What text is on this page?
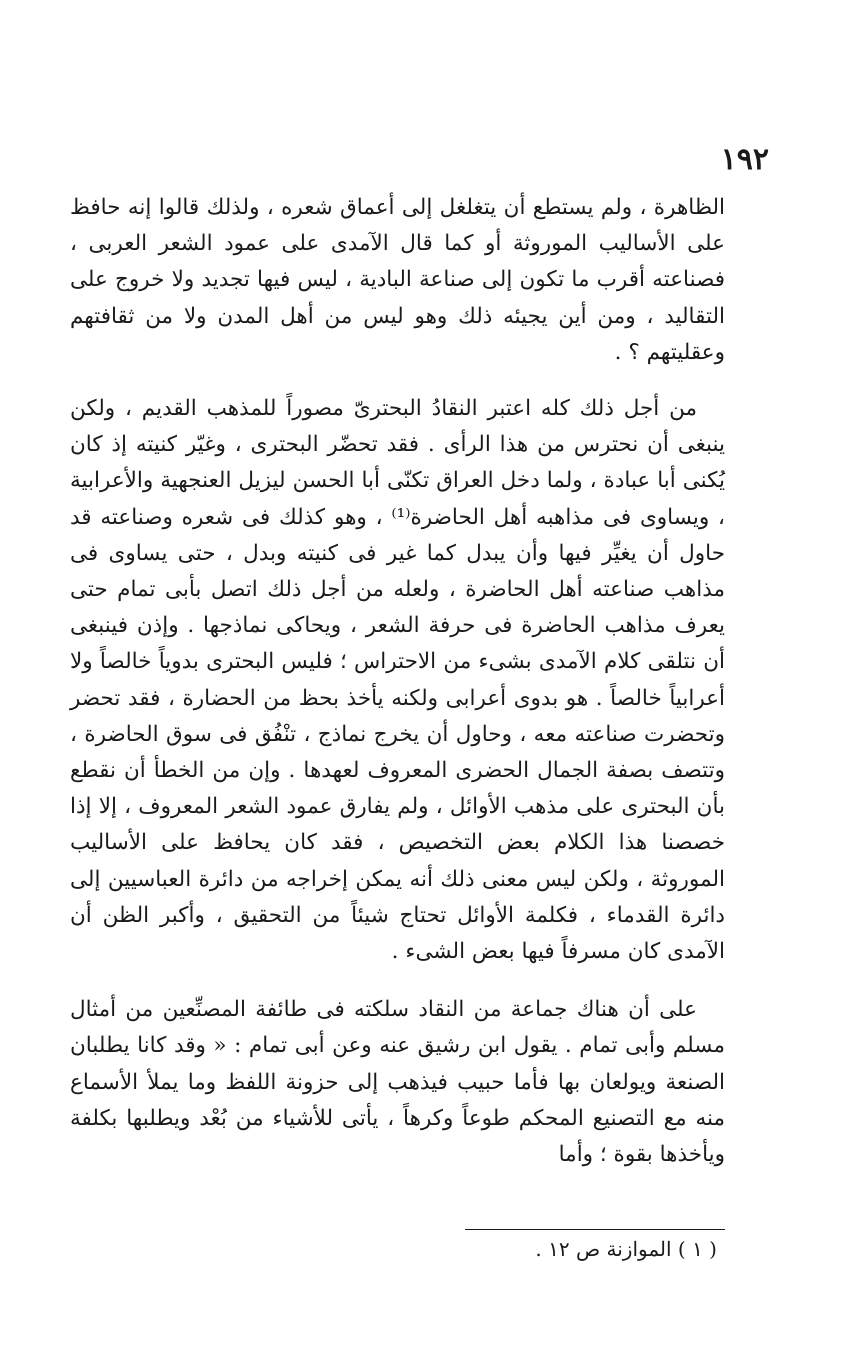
١٩٢

الظاهرة ، ولم يستطع أن يتغلغل إلى أعماق شعره ، ولذلك قالوا إنه حافظ على الأساليب الموروثة أو كما قال الآمدى على عمود الشعر العربى ، فصناعته أقرب ما تكون إلى صناعة البادية ، ليس فيها تجديد ولا خروج على التقاليد ، ومن أين يجيئه ذلك وهو ليس من أهل المدن ولا من ثقافتهم وعقليتهم ؟ .

من أجل ذلك كله اعتبر النقادُ البحترىّ مصوراً للمذهب القديم ، ولكن ينبغى أن نحترس من هذا الرأى . فقد تحضّر البحترى ، وغيّر كنيته إذ كان يُكنى أبا عبادة ، ولما دخل العراق تكنّى أبا الحسن ليزيل العنجهية والأعرابية ، ويساوى فى مذاهبه أهل الحاضرة⁽¹⁾ ، وهو كذلك فى شعره وصناعته قد حاول أن يغيِّر فيها وأن يبدل كما غير فى كنيته وبدل ، حتى يساوى فى مذاهب صناعته أهل الحاضرة ، ولعله من أجل ذلك اتصل بأبى تمام حتى يعرف مذاهب الحاضرة فى حرفة الشعر ، ويحاكى نماذجها . وإذن فينبغى أن نتلقى كلام الآمدى بشىء من الاحتراس ؛ فليس البحترى بدوياً خالصاً ولا أعرابياً خالصاً . هو بدوى أعرابى ولكنه يأخذ بحظ من الحضارة ، فقد تحضر وتحضرت صناعته معه ، وحاول أن يخرج نماذج ، تنْفُق فى سوق الحاضرة ، وتتصف بصفة الجمال الحضرى المعروف لعهدها . وإن من الخطأ أن نقطع بأن البحترى على مذهب الأوائل ، ولم يفارق عمود الشعر المعروف ، إلا إذا خصصنا هذا الكلام بعض التخصيص ، فقد كان يحافظ على الأساليب الموروثة ، ولكن ليس معنى ذلك أنه يمكن إخراجه من دائرة العباسيين إلى دائرة القدماء ، فكلمة الأوائل تحتاج شيئاً من التحقيق ، وأكبر الظن أن الآمدى كان مسرفاً فيها بعض الشىء .

على أن هناك جماعة من النقاد سلكته فى طائفة المصنِّعين من أمثال مسلم وأبى تمام . يقول ابن رشيق عنه وعن أبى تمام : « وقد كانا يطلبان الصنعة ويولعان بها فأما حبيب فيذهب إلى حزونة اللفظ وما يملأ الأسماع منه مع التصنيع المحكم طوعاً وكرهاً ، يأتى للأشياء من بُعْد ويطلبها بكلفة ويأخذها بقوة ؛ وأما

( ١ ) الموازنة ص ١٢ .
